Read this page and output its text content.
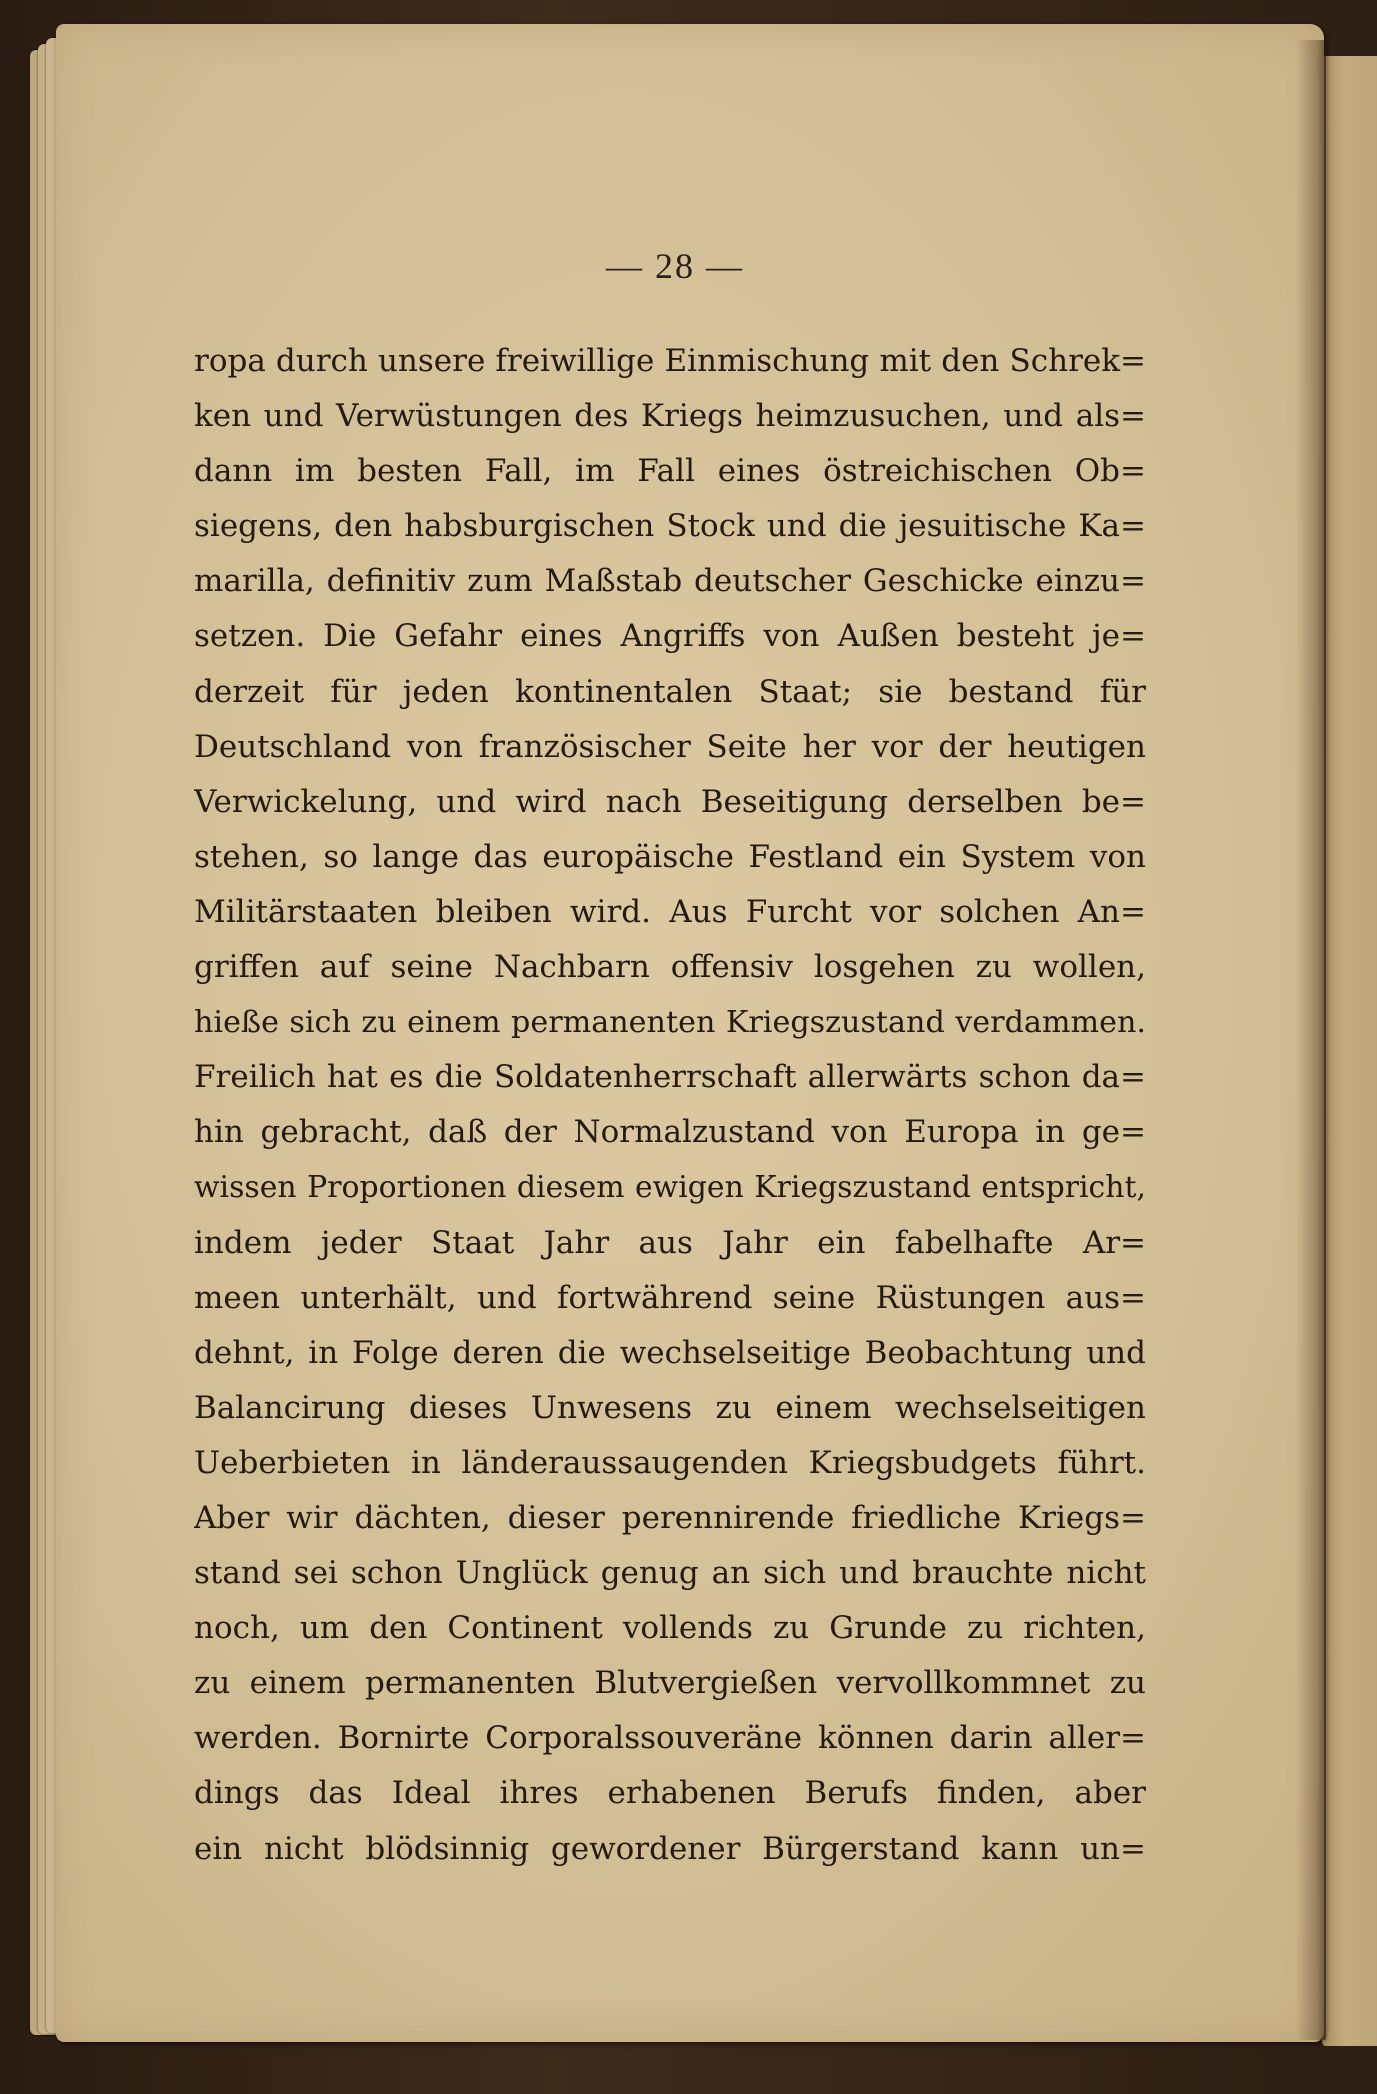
— 28 —
ropa durch unsere freiwillige Einmischung mit den Schrek=
ken und Verwüstungen des Kriegs heimzusuchen, und als=
dann im besten Fall, im Fall eines östreichischen Ob=
siegens, den habsburgischen Stock und die jesuitische Ka=
marilla, definitiv zum Maßstab deutscher Geschicke einzu=
setzen. Die Gefahr eines Angriffs von Außen besteht je=
derzeit für jeden kontinentalen Staat; sie bestand für
Deutschland von französischer Seite her vor der heutigen
Verwickelung, und wird nach Beseitigung derselben be=
stehen, so lange das europäische Festland ein System von
Militärstaaten bleiben wird. Aus Furcht vor solchen An=
griffen auf seine Nachbarn offensiv losgehen zu wollen,
hieße sich zu einem permanenten Kriegszustand verdammen.
Freilich hat es die Soldatenherrschaft allerwärts schon da=
hin gebracht, daß der Normalzustand von Europa in ge=
wissen Proportionen diesem ewigen Kriegszustand entspricht,
indem jeder Staat Jahr aus Jahr ein fabelhafte Ar=
meen unterhält, und fortwährend seine Rüstungen aus=
dehnt, in Folge deren die wechselseitige Beobachtung und
Balancirung dieses Unwesens zu einem wechselseitigen
Ueberbieten in länderaussaugenden Kriegsbudgets führt.
Aber wir dächten, dieser perennirende friedliche Kriegs=
stand sei schon Unglück genug an sich und brauchte nicht
noch, um den Continent vollends zu Grunde zu richten,
zu einem permanenten Blutvergießen vervollkommnet zu
werden. Bornirte Corporalssouveräne können darin aller=
dings das Ideal ihres erhabenen Berufs finden, aber
ein nicht blödsinnig gewordener Bürgerstand kann un=
